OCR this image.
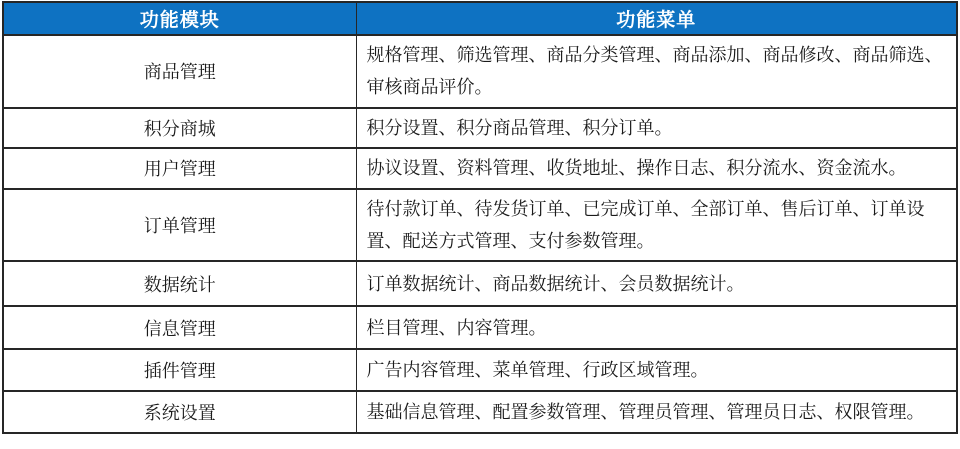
功能模块	功能菜单
商品管理	规格管理、筛选管理、商品分类管理、商品添加、商品修改、商品筛选、审核商品评价。
积分商城	积分设置、积分商品管理、积分订单。
用户管理	协议设置、资料管理、收货地址、操作日志、积分流水、资金流水。
订单管理	待付款订单、待发货订单、已完成订单、全部订单、售后订单、订单设置、配送方式管理、支付参数管理。
数据统计	订单数据统计、商品数据统计、会员数据统计。
信息管理	栏目管理、内容管理。
插件管理	广告内容管理、菜单管理、行政区域管理。
系统设置	基础信息管理、配置参数管理、管理员管理、管理员日志、权限管理。
